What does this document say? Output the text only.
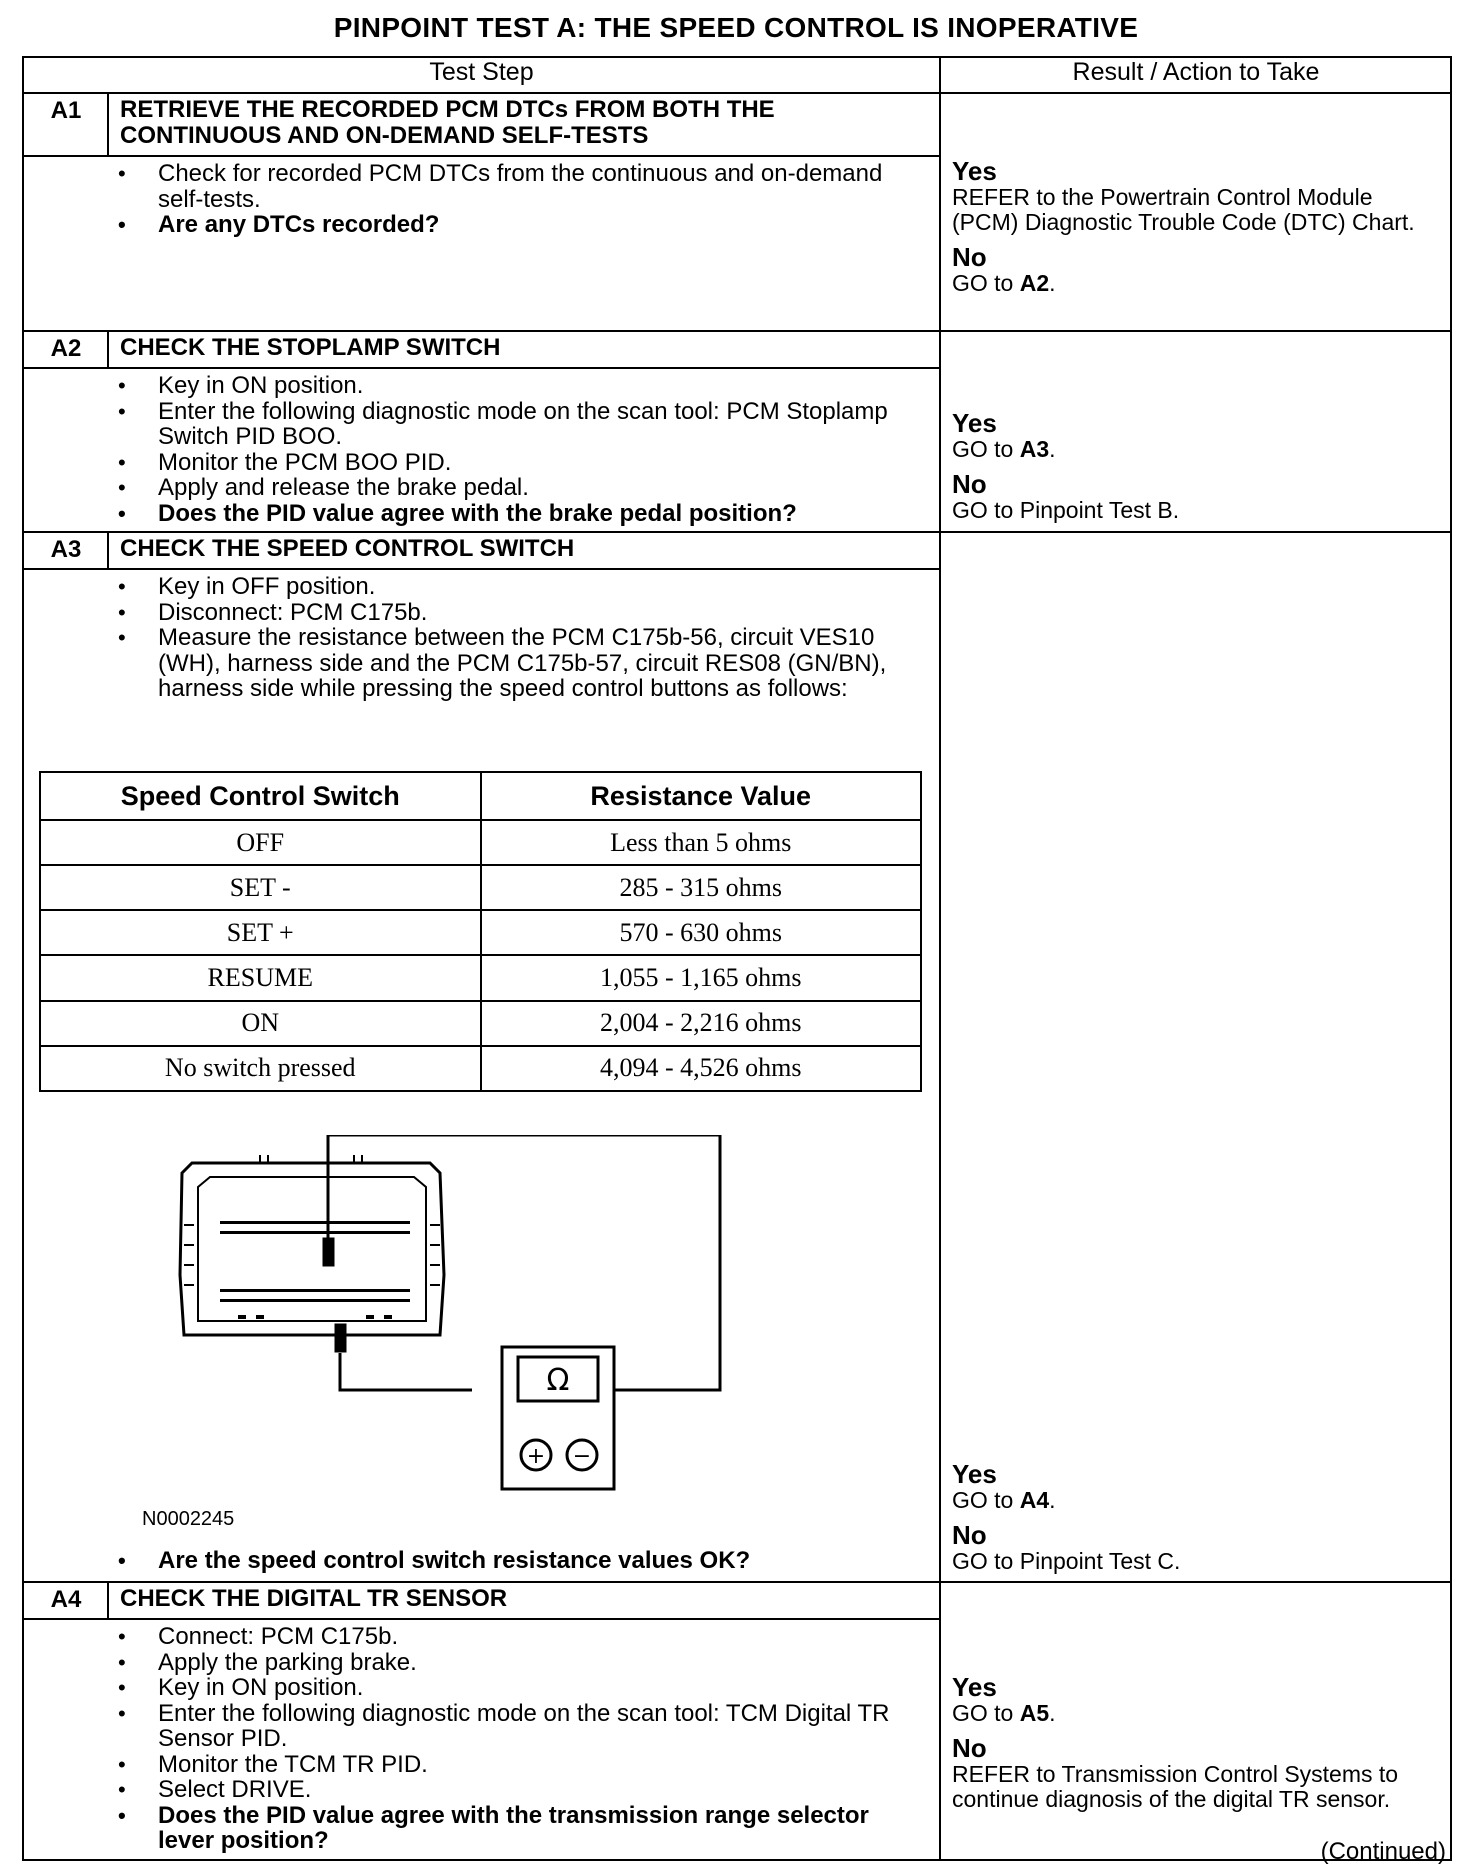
PINPOINT TEST A: THE SPEED CONTROL IS INOPERATIVE
Test Step	Result / Action to Take
A1	RETRIEVE THE RECORDED PCM DTCs FROM BOTH THE CONTINUOUS AND ON-DEMAND SELF-TESTS
• Check for recorded PCM DTCs from the continuous and on-demand self-tests.
• Are any DTCs recorded?
Yes
REFER to the Powertrain Control Module (PCM) Diagnostic Trouble Code (DTC) Chart.
No
GO to A2.
A2	CHECK THE STOPLAMP SWITCH
• Key in ON position.
• Enter the following diagnostic mode on the scan tool: PCM Stoplamp Switch PID BOO.
• Monitor the PCM BOO PID.
• Apply and release the brake pedal.
• Does the PID value agree with the brake pedal position?
Yes
GO to A3.
No
GO to Pinpoint Test B.
A3	CHECK THE SPEED CONTROL SWITCH
• Key in OFF position.
• Disconnect: PCM C175b.
• Measure the resistance between the PCM C175b-56, circuit VES10 (WH), harness side and the PCM C175b-57, circuit RES08 (GN/BN), harness side while pressing the speed control buttons as follows:
Speed Control Switch	Resistance Value
OFF	Less than 5 ohms
SET -	285 - 315 ohms
SET +	570 - 630 ohms
RESUME	1,055 - 1,165 ohms
ON	2,004 - 2,216 ohms
No switch pressed	4,094 - 4,526 ohms
Ω
+ −
N0002245
• Are the speed control switch resistance values OK?
Yes
GO to A4.
No
GO to Pinpoint Test C.
A4	CHECK THE DIGITAL TR SENSOR
• Connect: PCM C175b.
• Apply the parking brake.
• Key in ON position.
• Enter the following diagnostic mode on the scan tool: TCM Digital TR Sensor PID.
• Monitor the TCM TR PID.
• Select DRIVE.
• Does the PID value agree with the transmission range selector lever position?
Yes
GO to A5.
No
REFER to Transmission Control Systems to continue diagnosis of the digital TR sensor.
(Continued)
